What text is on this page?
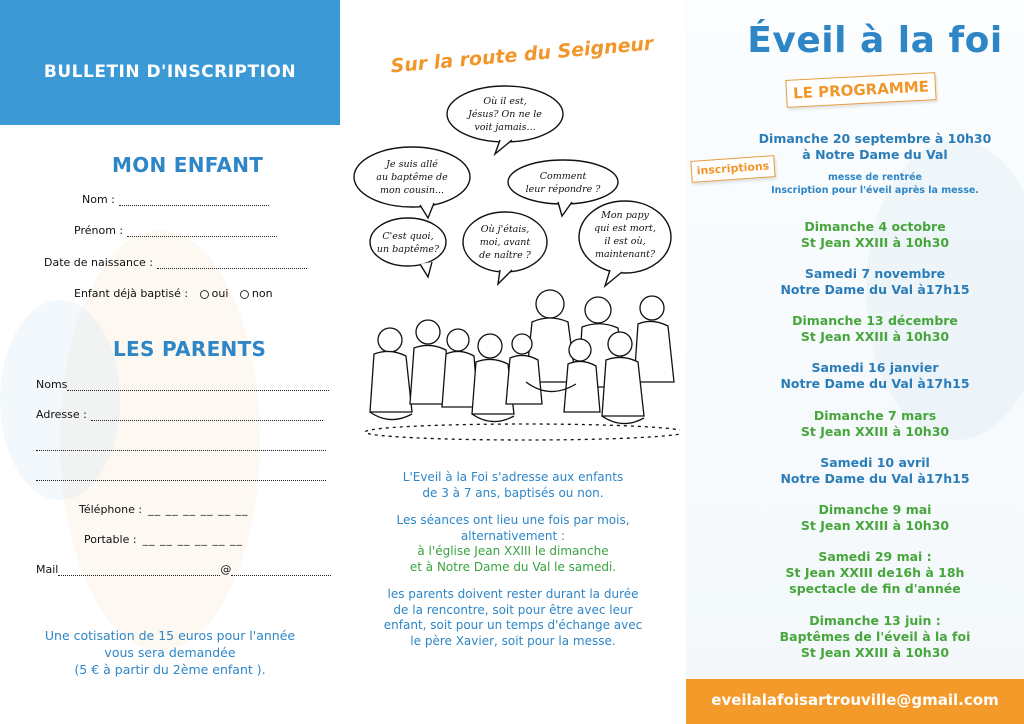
BULLETIN D'INSCRIPTION
MON ENFANT
Nom :
Prénom :
Date de naissance :
Enfant déjà baptisé : oui non
LES PARENTS
Noms
Adresse :
Téléphone : __ __ __ __ __ __
Portable : __ __ __ __ __ __
Mail	@
Une cotisation de 15 euros pour l'année
vous sera demandée
(5 € à partir du 2ème enfant ).
Sur la route du Seigneur
Où il est,
Jésus? On ne le
voit jamais...
Je suis allé
au baptême de
mon cousin...
Comment
leur répondre ?
C'est quoi,
un baptême?
Où j'étais,
moi, avant
de naître ?
Mon papy
qui est mort,
il est où,
maintenant?
L'Eveil à la Foi s'adresse aux enfants
de 3 à 7 ans, baptisés ou non.
Les séances ont lieu une fois par mois,
alternativement :
à l'église Jean XXIII le dimanche
et à Notre Dame du Val le samedi.
les parents doivent rester durant la durée
de la rencontre, soit pour être avec leur
enfant, soit pour un temps d'échange avec
le père Xavier, soit pour la messe.
Éveil à la foi
LE PROGRAMME
inscriptions
Dimanche 20 septembre à 10h30
à Notre Dame du Val
messe de rentrée
Inscription pour l'éveil après la messe.
Dimanche 4 octobre
St Jean XXIII à 10h30
Samedi 7 novembre
Notre Dame du Val à17h15
Dimanche 13 décembre
St Jean XXIII à 10h30
Samedi 16 janvier
Notre Dame du Val à17h15
Dimanche 7 mars
St Jean XXIII à 10h30
Samedi 10 avril
Notre Dame du Val à17h15
Dimanche 9 mai
St Jean XXIII à 10h30
Samedi 29 mai :
St Jean XXIII de16h à 18h
spectacle de fin d'année
Dimanche 13 juin :
Baptêmes de l'éveil à la foi
St Jean XXIII à 10h30
eveilalafoisartrouville@gmail.com
